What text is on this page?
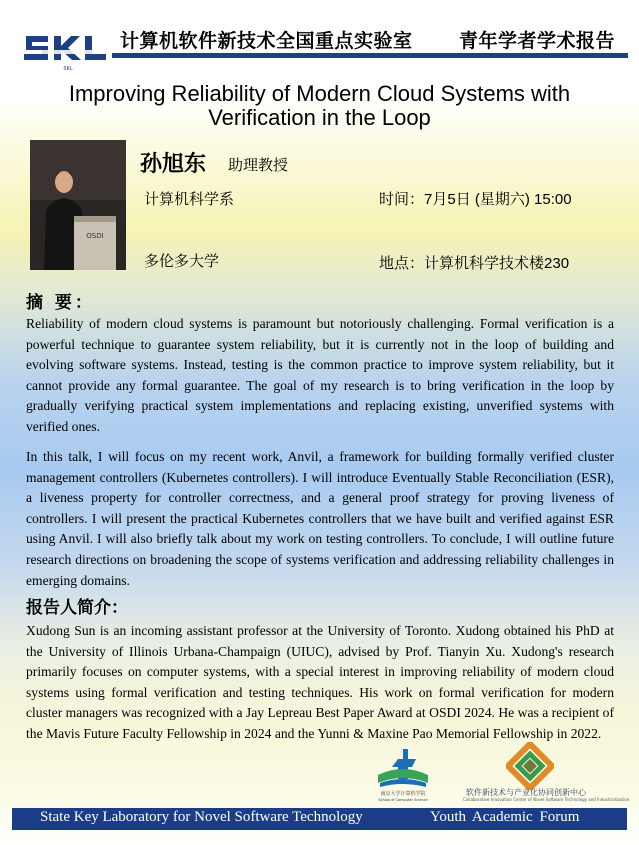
SKL
计算机软件新技术全国重点实验室 青年学者学术报告
Improving Reliability of Modern Cloud Systems with Verification in the Loop
OSDI
孙旭东 助理教授
计算机科学系
多伦多大学
时间：7月5日 (星期六) 15:00
地点：计算机科学技术楼230
摘 要：
Reliability of modern cloud systems is paramount but notoriously challenging. Formal verification is a powerful technique to guarantee system reliability, but it is currently not in the loop of building and evolving software systems. Instead, testing is the common practice to improve system reliability, but it cannot provide any formal guarantee. The goal of my research is to bring verification in the loop by gradually verifying practical system implementations and replacing existing, unverified systems with verified ones.
In this talk, I will focus on my recent work, Anvil, a framework for building formally verified cluster management controllers (Kubernetes controllers). I will introduce Eventually Stable Reconciliation (ESR), a liveness property for controller correctness, and a general proof strategy for proving liveness of controllers. I will present the practical Kubernetes controllers that we have built and verified against ESR using Anvil. I will also briefly talk about my work on testing controllers. To conclude, I will outline future research directions on broadening the scope of systems verification and addressing reliability challenges in emerging domains.
报告人简介：
Xudong Sun is an incoming assistant professor at the University of Toronto. Xudong obtained his PhD at the University of Illinois Urbana-Champaign (UIUC), advised by Prof. Tianyin Xu. Xudong's research primarily focuses on computer systems, with a special interest in improving reliability of modern cloud systems using formal verification and testing techniques. His work on formal verification for modern cluster managers was recognized with a Jay Lepreau Best Paper Award at OSDI 2024. He was a recipient of the Mavis Future Faculty Fellowship in 2024 and the Yunni & Maxine Pao Memorial Fellowship in 2022.
南京大学计算机学院
School of Computer Science
软件新技术与产业化协同创新中心
Collaborative Innovation Center of Novel Software Technology and Industrialization
State Key Laboratory for Novel Software Technology	Youth Academic Forum
